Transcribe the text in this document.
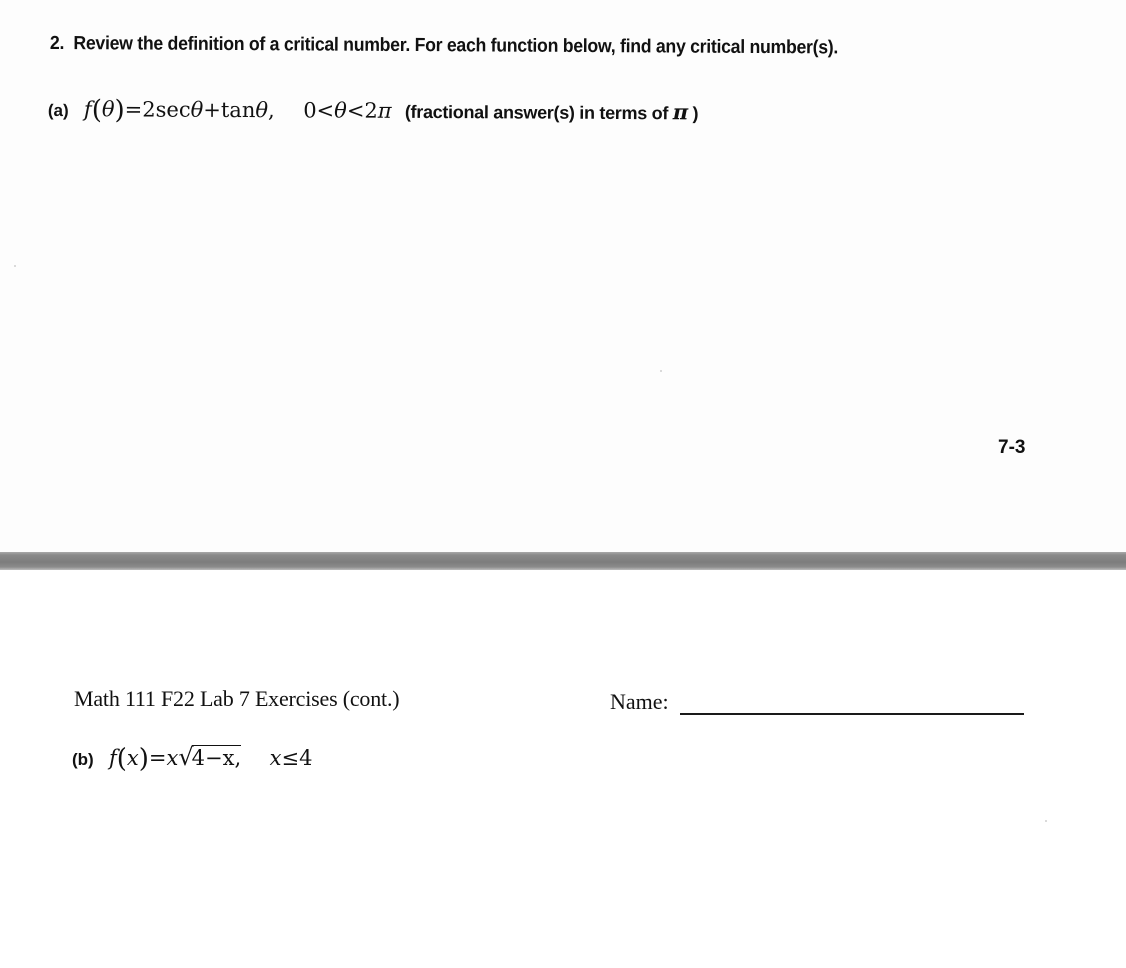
2. Review the definition of a critical number. For each function below, find any critical number(s).
(a) f(θ)=2secθ+tanθ, 0<θ<2π (fractional answer(s) in terms of π )
7-3
Math 111 F22 Lab 7 Exercises (cont.)	Name:
(b) f(x)=x√4−x, x≤4
